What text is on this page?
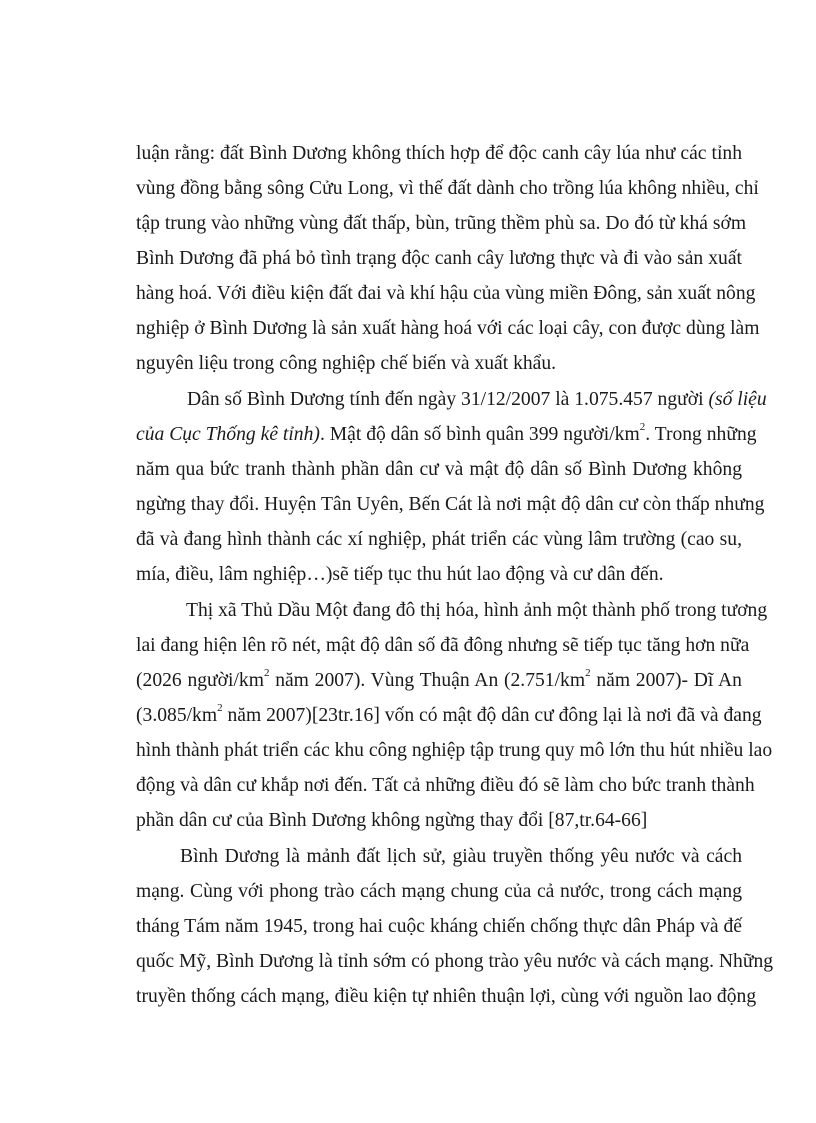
luận rằng: đất Bình Dương không thích hợp để độc canh cây lúa như các tỉnh
vùng đồng bằng sông Cửu Long, vì thế đất dành cho trồng lúa không nhiều, chỉ
tập trung vào những vùng đất thấp, bùn, trũng thềm phù sa. Do đó từ khá sớm
Bình Dương đã phá bỏ tình trạng độc canh cây lương thực và đi vào sản xuất
hàng hoá. Với điều kiện đất đai và khí hậu của vùng miền Đông, sản xuất nông
nghiệp ở Bình Dương là sản xuất hàng hoá với các loại cây, con được dùng làm
nguyên liệu trong công nghiệp chế biến và xuất khẩu.
Dân số Bình Dương tính đến ngày 31/12/2007 là 1.075.457 người (số liệu
của Cục Thống kê tỉnh). Mật độ dân số bình quân 399 người/$km^2$. Trong những
năm qua bức tranh thành phần dân cư và mật độ dân số Bình Dương không
ngừng thay đổi. Huyện Tân Uyên, Bến Cát là nơi mật độ dân cư còn thấp nhưng
đã và đang hình thành các xí nghiệp, phát triển các vùng lâm trường (cao su,
mía, điều, lâm nghiệp…)sẽ tiếp tục thu hút lao động và cư dân đến.
Thị xã Thủ Dầu Một đang đô thị hóa, hình ảnh một thành phố trong tương
lai đang hiện lên rõ nét, mật độ dân số đã đông nhưng sẽ tiếp tục tăng hơn nữa
(2026 người/$km^2$ năm 2007). Vùng Thuận An ($2.751/km^2$ năm 2007)- Dĩ An
($3.085/km^2$ năm 2007)[23tr.16] vốn có mật độ dân cư đông lại là nơi đã và đang
hình thành phát triển các khu công nghiệp tập trung quy mô lớn thu hút nhiều lao
động và dân cư khắp nơi đến. Tất cả những điều đó sẽ làm cho bức tranh thành
phần dân cư của Bình Dương không ngừng thay đổi [87,tr.64-66]
Bình Dương là mảnh đất lịch sử, giàu truyền thống yêu nước và cách
mạng. Cùng với phong trào cách mạng chung của cả nước, trong cách mạng
tháng Tám năm 1945, trong hai cuộc kháng chiến chống thực dân Pháp và đế
quốc Mỹ, Bình Dương là tỉnh sớm có phong trào yêu nước và cách mạng. Những
truyền thống cách mạng, điều kiện tự nhiên thuận lợi, cùng với nguồn lao động
